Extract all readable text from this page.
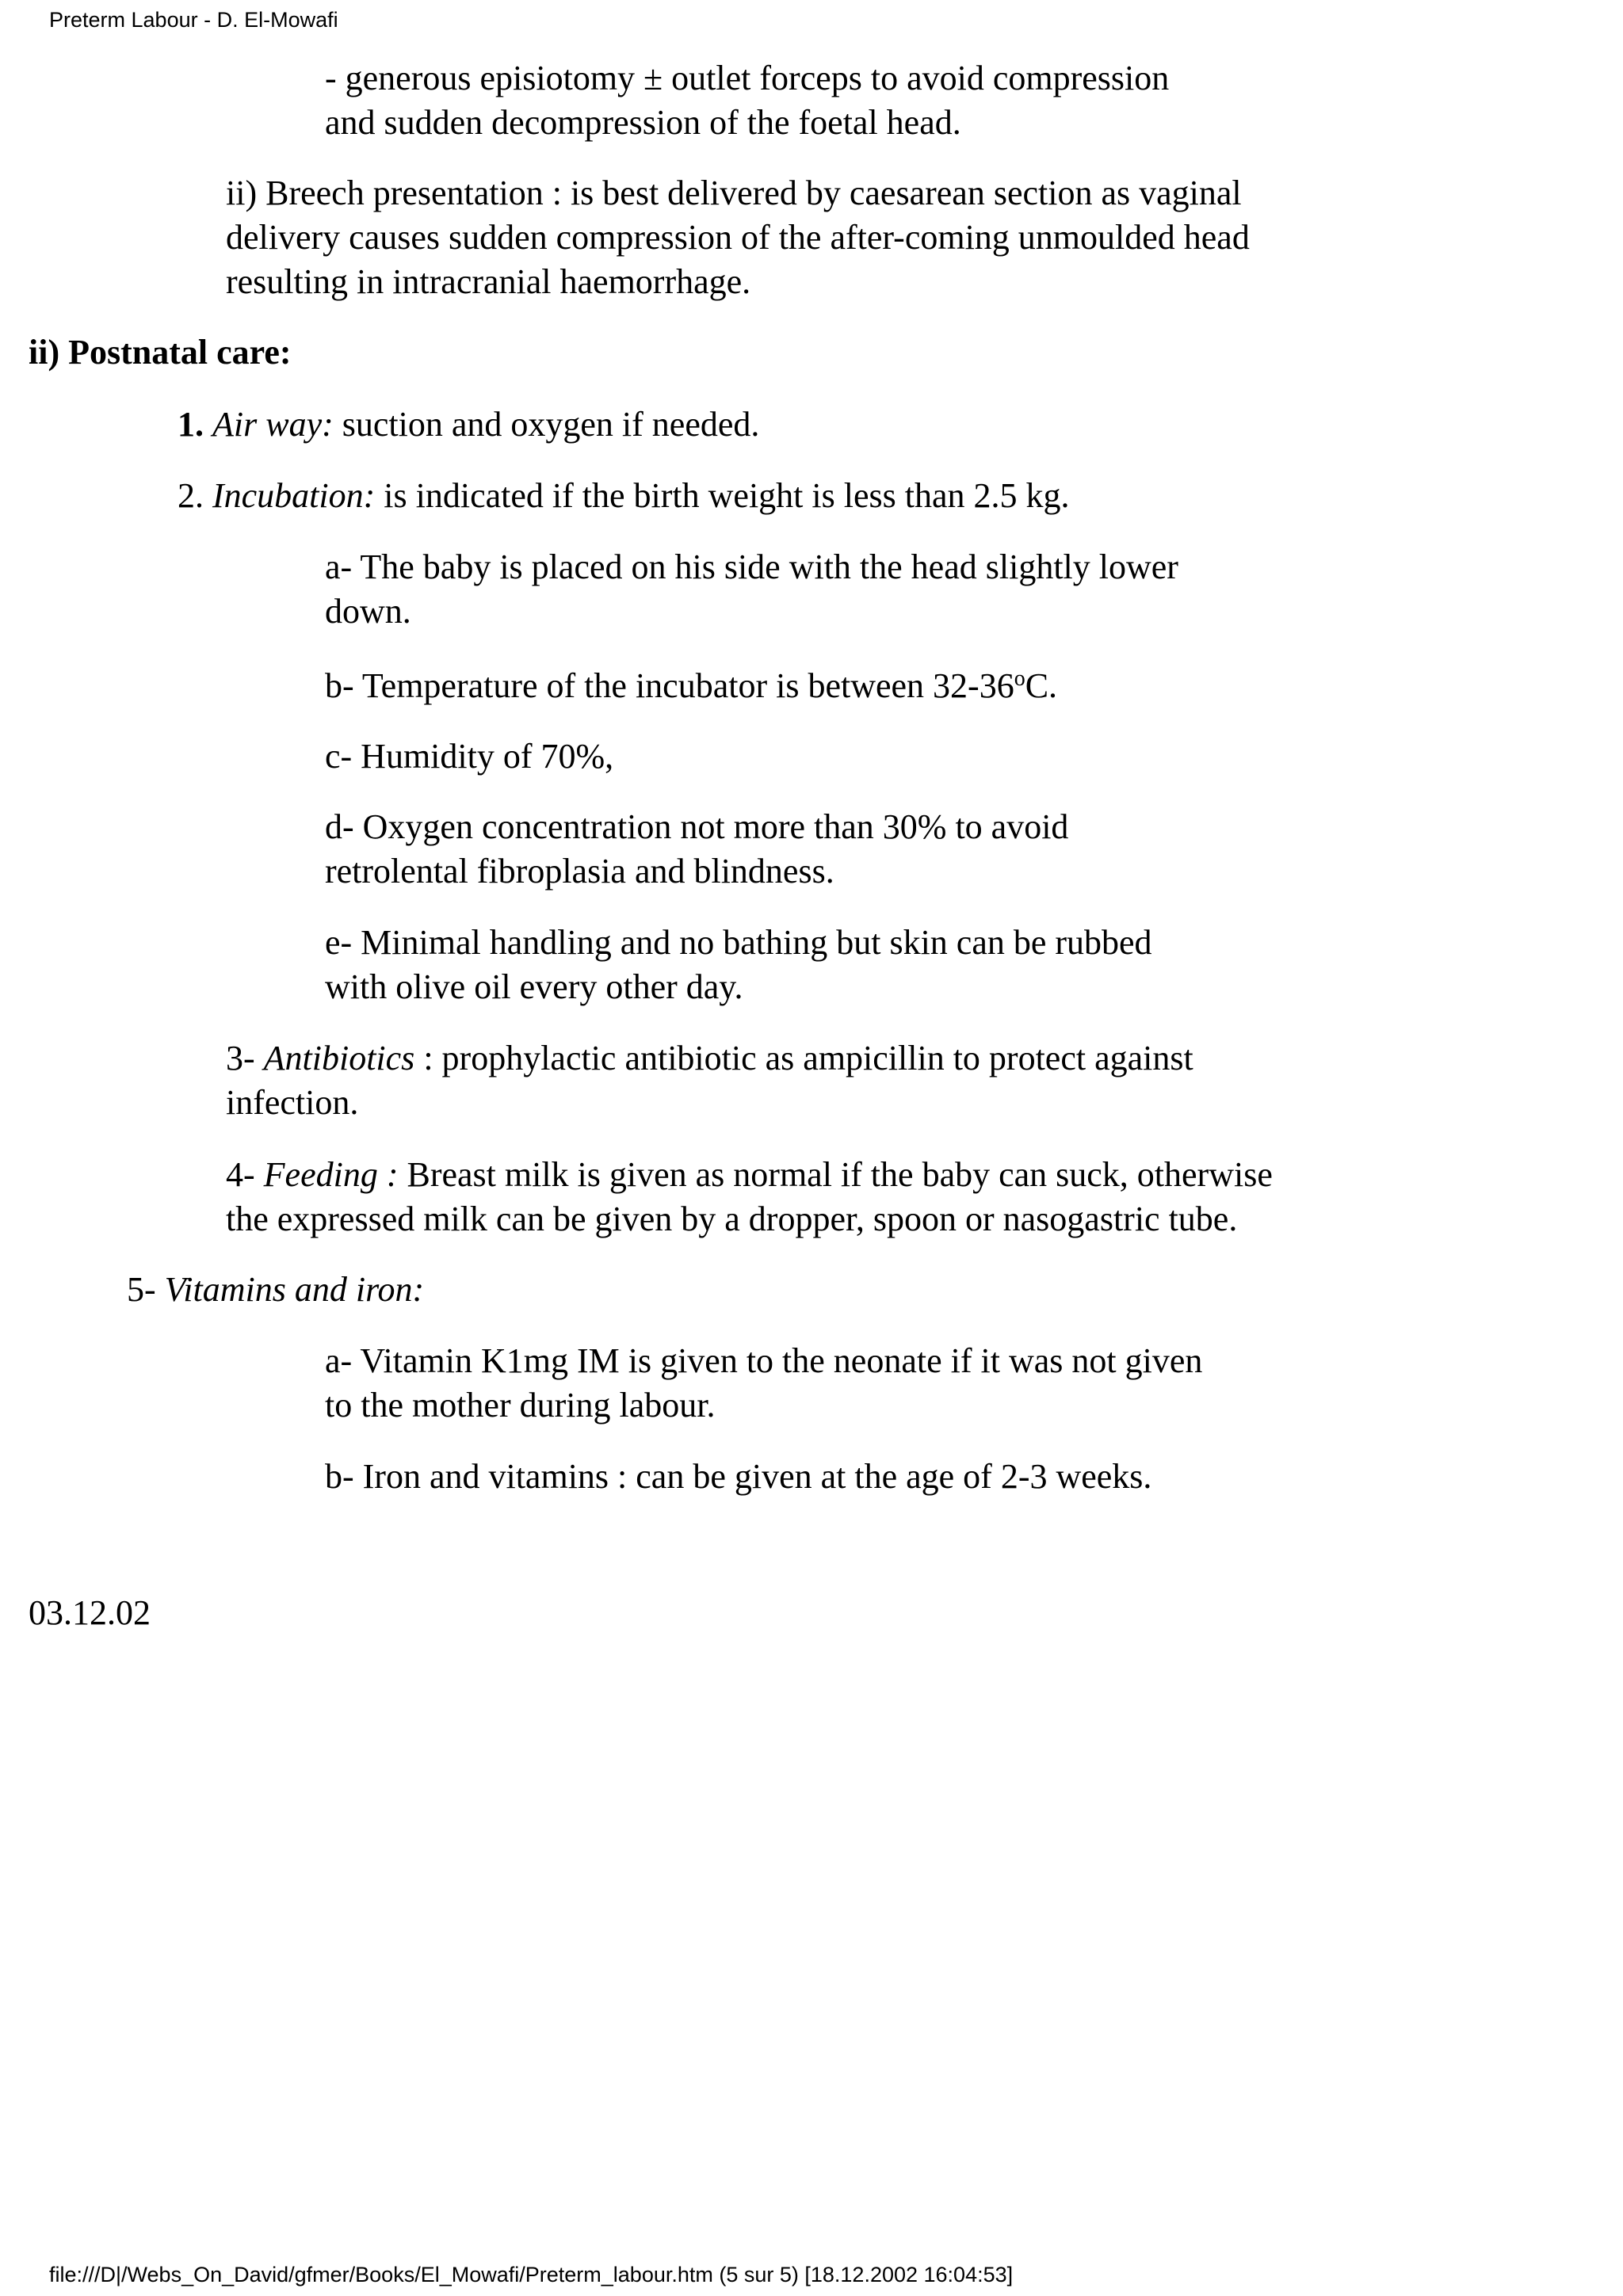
Preterm Labour - D. El-Mowafi
- generous episiotomy ± outlet forceps to avoid compression
and sudden decompression of the foetal head.
ii) Breech presentation : is best delivered by caesarean section as vaginal
delivery causes sudden compression of the after-coming unmoulded head
resulting in intracranial haemorrhage.
ii) Postnatal care:
1. Air way: suction and oxygen if needed.
2. Incubation: is indicated if the birth weight is less than 2.5 kg.
a- The baby is placed on his side with the head slightly lower
down.
b- Temperature of the incubator is between 32-36$^o$C.
c- Humidity of 70%,
d- Oxygen concentration not more than 30% to avoid
retrolental fibroplasia and blindness.
e- Minimal handling and no bathing but skin can be rubbed
with olive oil every other day.
3- Antibiotics : prophylactic antibiotic as ampicillin to protect against
infection.
4- Feeding : Breast milk is given as normal if the baby can suck, otherwise
the expressed milk can be given by a dropper, spoon or nasogastric tube.
5- Vitamins and iron:
a- Vitamin K1mg IM is given to the neonate if it was not given
to the mother during labour.
b- Iron and vitamins : can be given at the age of 2-3 weeks.
03.12.02
file:///D|/Webs_On_David/gfmer/Books/El_Mowafi/Preterm_labour.htm (5 sur 5) [18.12.2002 16:04:53]
